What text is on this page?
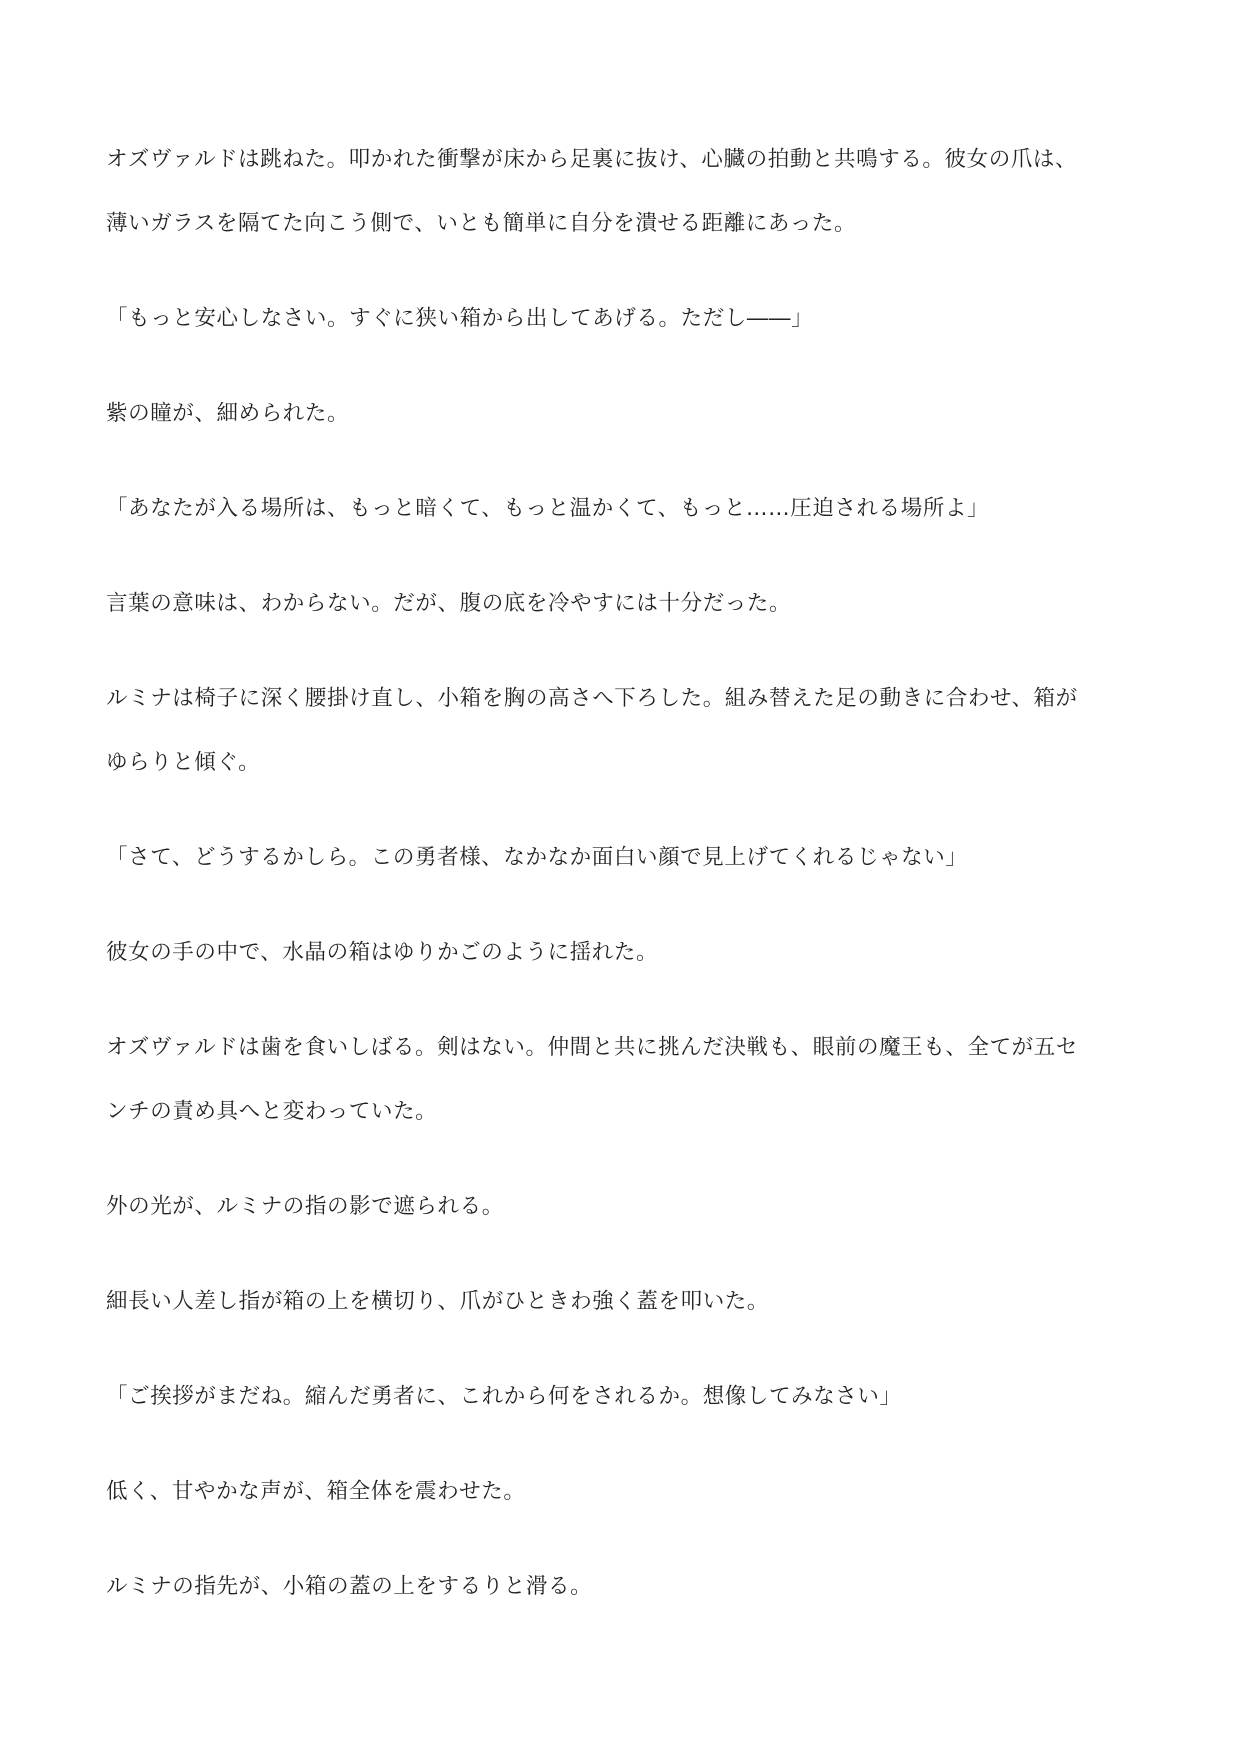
オズヴァルドは跳ねた。叩かれた衝撃が床から足裏に抜け、心臓の拍動と共鳴する。彼女の爪は、
薄いガラスを隔てた向こう側で、いとも簡単に自分を潰せる距離にあった。

「もっと安心しなさい。すぐに狭い箱から出してあげる。ただし――」

紫の瞳が、細められた。

「あなたが入る場所は、もっと暗くて、もっと温かくて、もっと……圧迫される場所よ」

言葉の意味は、わからない。だが、腹の底を冷やすには十分だった。

ルミナは椅子に深く腰掛け直し、小箱を胸の高さへ下ろした。組み替えた足の動きに合わせ、箱が
ゆらりと傾ぐ。

「さて、どうするかしら。この勇者様、なかなか面白い顔で見上げてくれるじゃない」

彼女の手の中で、水晶の箱はゆりかごのように揺れた。

オズヴァルドは歯を食いしばる。剣はない。仲間と共に挑んだ決戦も、眼前の魔王も、全てが五セ
ンチの責め具へと変わっていた。

外の光が、ルミナの指の影で遮られる。

細長い人差し指が箱の上を横切り、爪がひときわ強く蓋を叩いた。

「ご挨拶がまだね。縮んだ勇者に、これから何をされるか。想像してみなさい」

低く、甘やかな声が、箱全体を震わせた。

ルミナの指先が、小箱の蓋の上をするりと滑る。
